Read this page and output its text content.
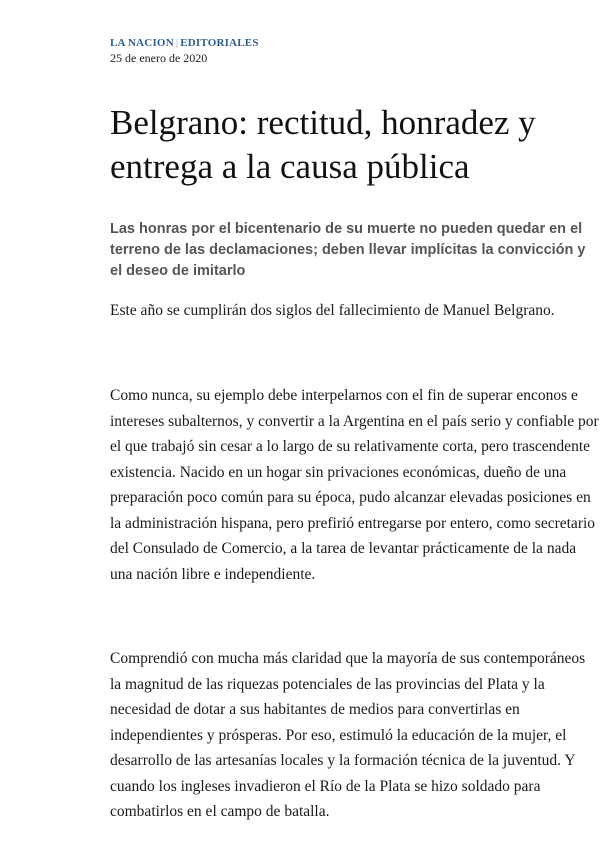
LA NACION | EDITORIALES
25 de enero de 2020
Belgrano: rectitud, honradez y entrega a la causa pública
Las honras por el bicentenario de su muerte no pueden quedar en el terreno de las declamaciones; deben llevar implícitas la convicción y el deseo de imitarlo

Este año se cumplirán dos siglos del fallecimiento de Manuel Belgrano.

Como nunca, su ejemplo debe interpelarnos con el fin de superar enconos e intereses subalternos, y convertir a la Argentina en el país serio y confiable por el que trabajó sin cesar a lo largo de su relativamente corta, pero trascendente existencia. Nacido en un hogar sin privaciones económicas, dueño de una preparación poco común para su época, pudo alcanzar elevadas posiciones en la administración hispana, pero prefirió entregarse por entero, como secretario del Consulado de Comercio, a la tarea de levantar prácticamente de la nada una nación libre e independiente.

Comprendió con mucha más claridad que la mayoría de sus contemporáneos la magnitud de las riquezas potenciales de las provincias del Plata y la necesidad de dotar a sus habitantes de medios para convertirlas en independientes y prósperas. Por eso, estimuló la educación de la mujer, el desarrollo de las artesanías locales y la formación técnica de la juventud. Y cuando los ingleses invadieron el Río de la Plata se hizo soldado para combatirlos en el campo de batalla.
